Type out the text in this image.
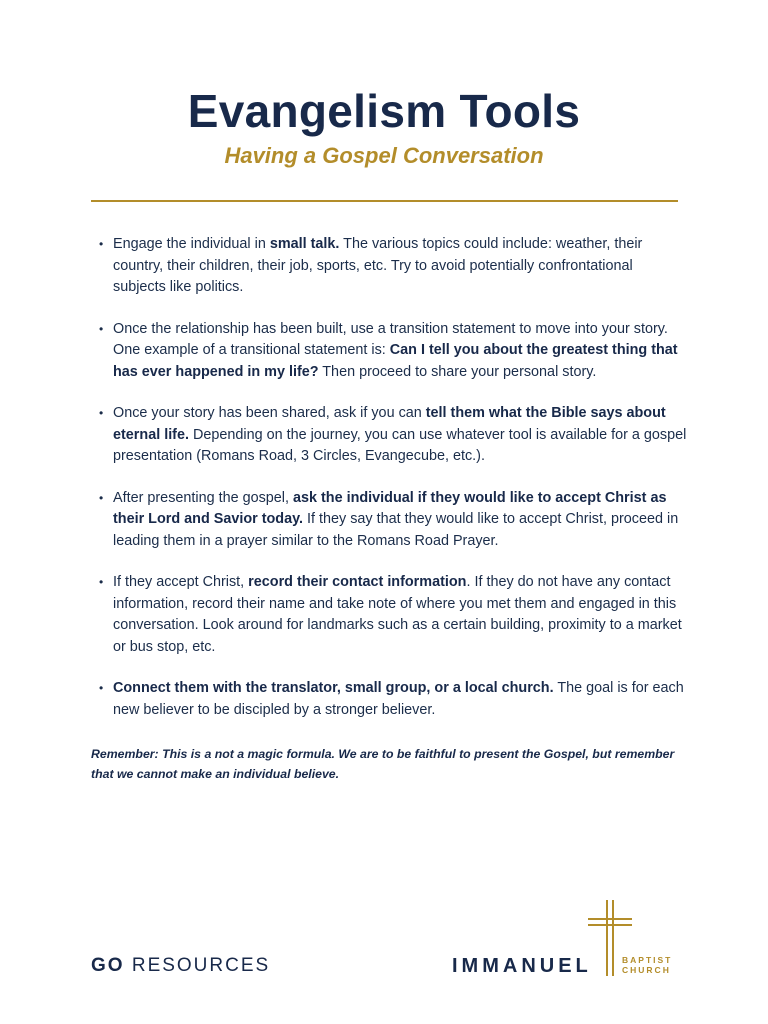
Evangelism Tools
Having a Gospel Conversation
• Engage the individual in small talk. The various topics could include: weather, their country, their children, their job, sports, etc. Try to avoid potentially confrontational subjects like politics.
• Once the relationship has been built, use a transition statement to move into your story. One example of a transitional statement is: Can I tell you about the greatest thing that has ever happened in my life? Then proceed to share your personal story.
• Once your story has been shared, ask if you can tell them what the Bible says about eternal life. Depending on the journey, you can use whatever tool is available for a gospel presentation (Romans Road, 3 Circles, Evangecube, etc.).
• After presenting the gospel, ask the individual if they would like to accept Christ as their Lord and Savior today. If they say that they would like to accept Christ, proceed in leading them in a prayer similar to the Romans Road Prayer.
• If they accept Christ, record their contact information. If they do not have any contact information, record their name and take note of where you met them and engaged in this conversation. Look around for landmarks such as a certain building, proximity to a market or bus stop, etc.
• Connect them with the translator, small group, or a local church. The goal is for each new believer to be discipled by a stronger believer.
Remember: This is a not a magic formula. We are to be faithful to present the Gospel, but remember that we cannot make an individual believe.
GO RESOURCES	IMMANUEL	BAPTIST
CHURCH
